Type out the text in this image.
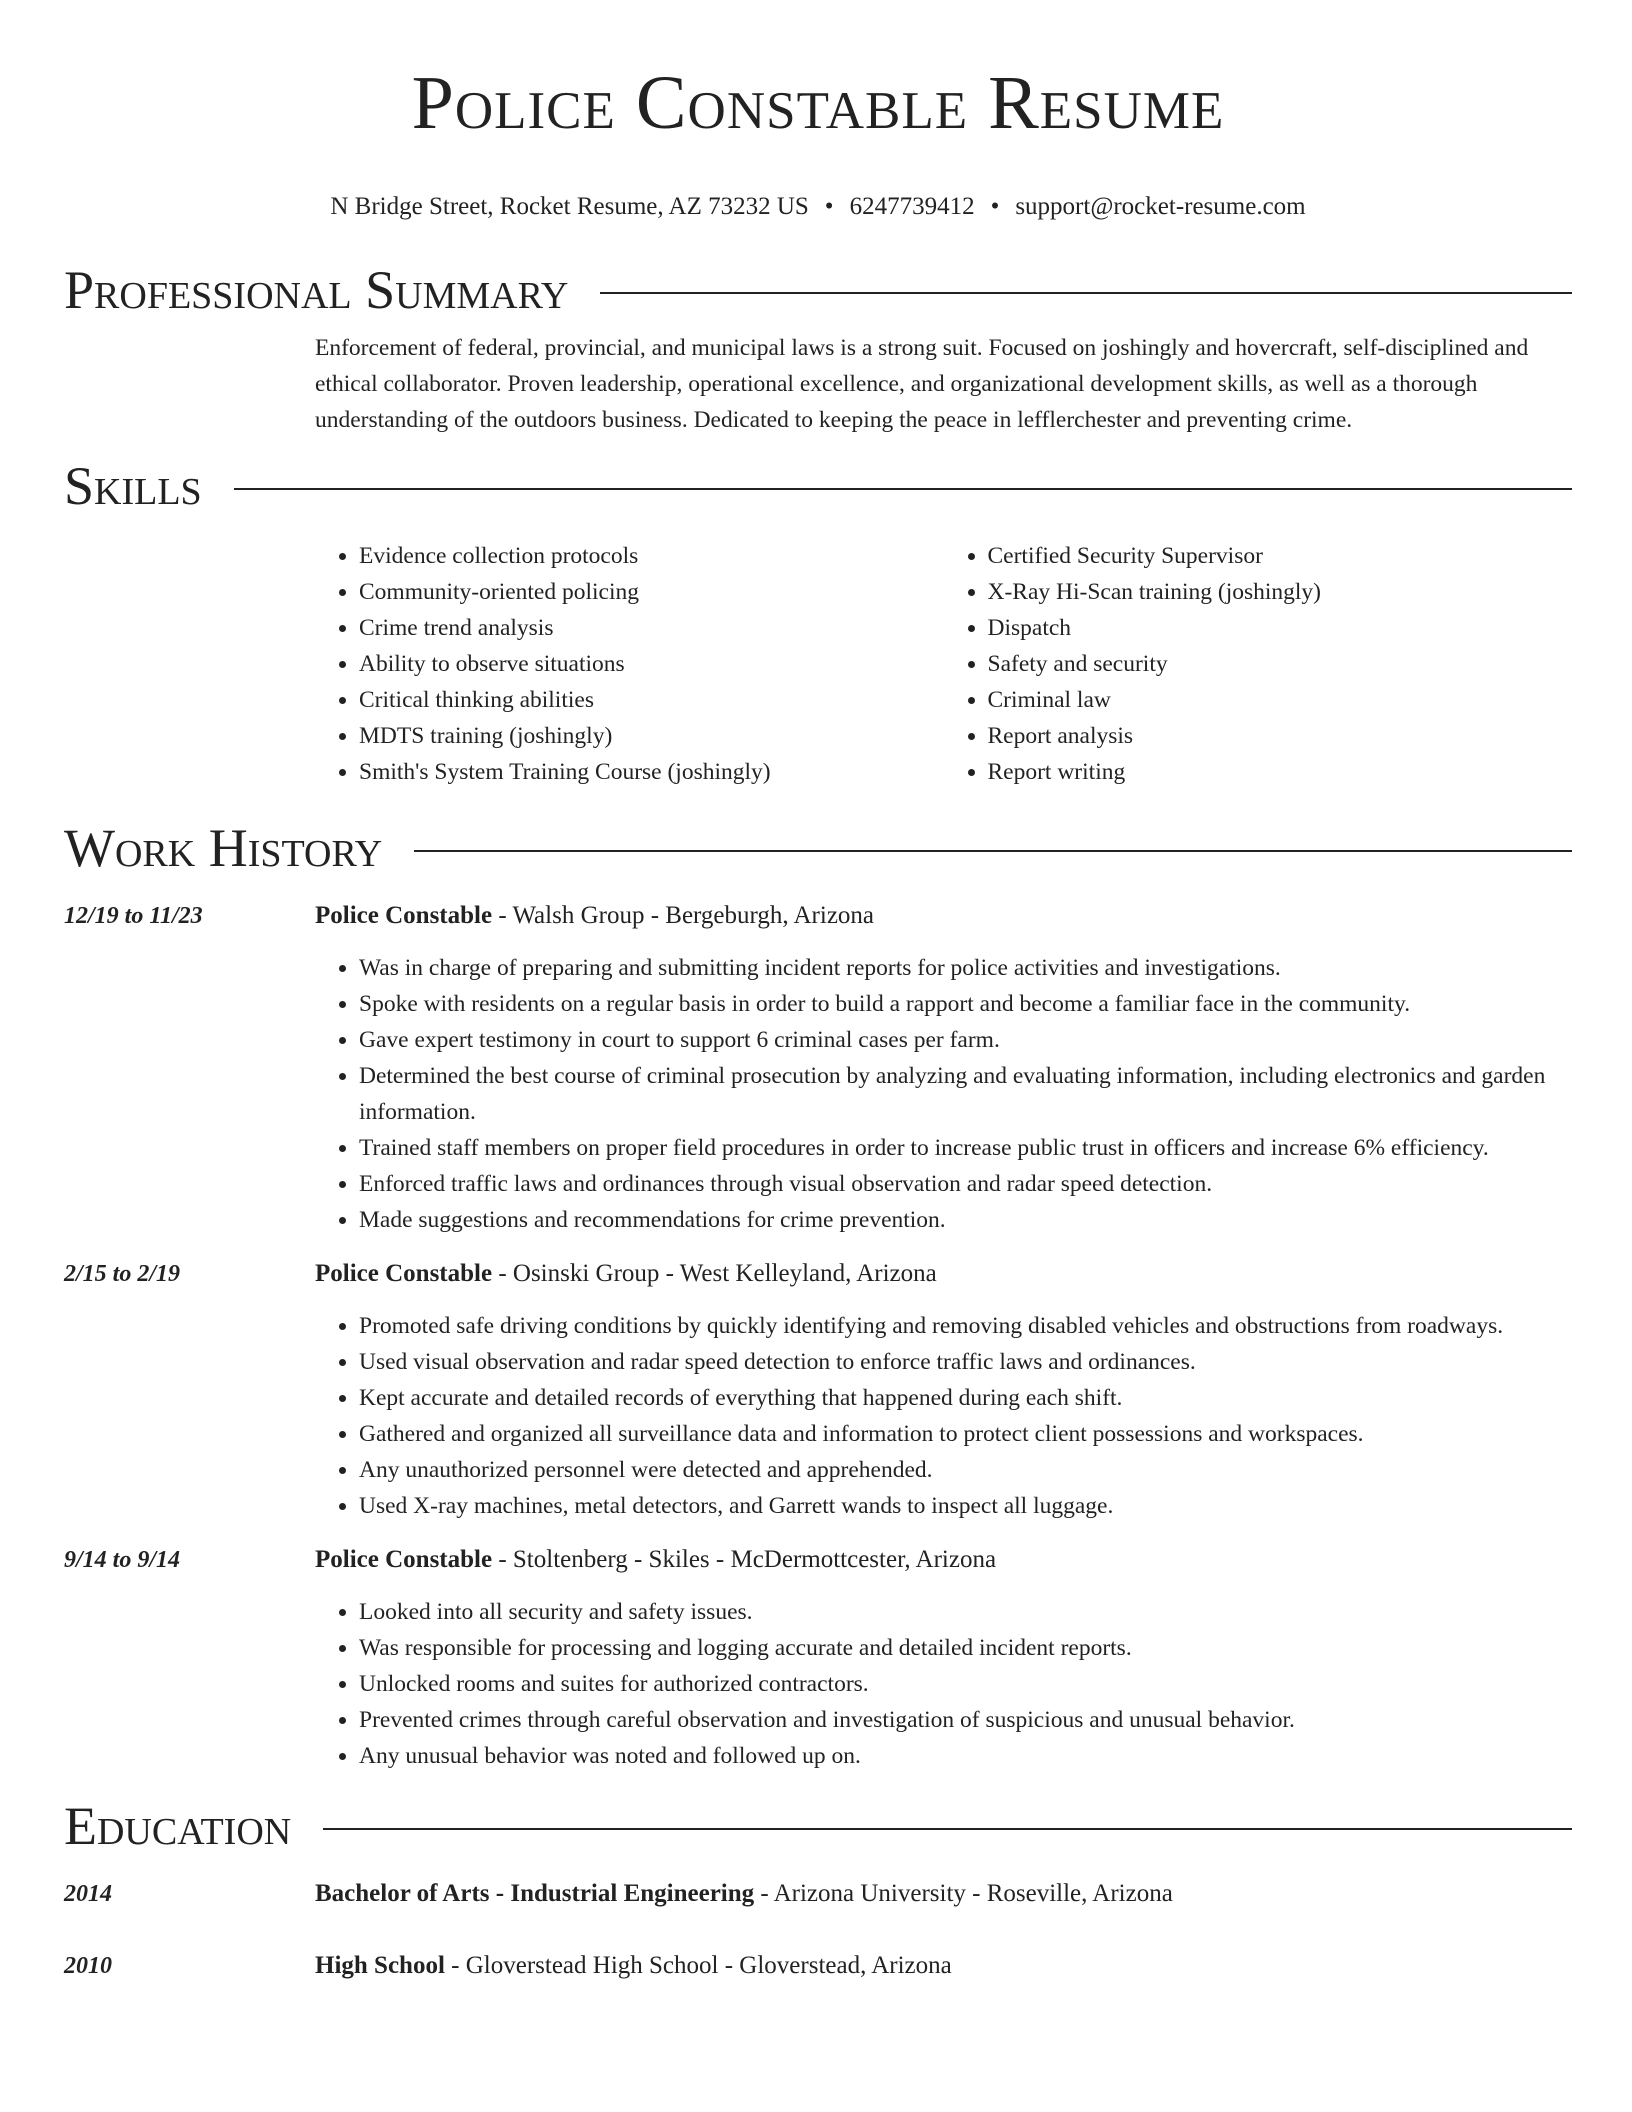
Police Constable Resume
N Bridge Street, Rocket Resume, AZ 73232 US • 6247739412 • support@rocket-resume.com
Professional Summary

Enforcement of federal, provincial, and municipal laws is a strong suit. Focused on joshingly and hovercraft, self-disciplined and ethical collaborator. Proven leadership, operational excellence, and organizational development skills, as well as a thorough understanding of the outdoors business. Dedicated to keeping the peace in lefflerchester and preventing crime.

Skills
• Evidence collection protocols
• Community-oriented policing
• Crime trend analysis
• Ability to observe situations
• Critical thinking abilities
• MDTS training (joshingly)
• Smith's System Training Course (joshingly)
• Certified Security Supervisor
• X-Ray Hi-Scan training (joshingly)
• Dispatch
• Safety and security
• Criminal law
• Report analysis
• Report writing
Work History
12/19 to 11/23	Police Constable - Walsh Group - Bergeburgh, Arizona
• Was in charge of preparing and submitting incident reports for police activities and investigations.
• Spoke with residents on a regular basis in order to build a rapport and become a familiar face in the community.
• Gave expert testimony in court to support 6 criminal cases per farm.
• Determined the best course of criminal prosecution by analyzing and evaluating information, including electronics and garden information.
• Trained staff members on proper field procedures in order to increase public trust in officers and increase 6% efficiency.
• Enforced traffic laws and ordinances through visual observation and radar speed detection.
• Made suggestions and recommendations for crime prevention.
2/15 to 2/19	Police Constable - Osinski Group - West Kelleyland, Arizona
• Promoted safe driving conditions by quickly identifying and removing disabled vehicles and obstructions from roadways.
• Used visual observation and radar speed detection to enforce traffic laws and ordinances.
• Kept accurate and detailed records of everything that happened during each shift.
• Gathered and organized all surveillance data and information to protect client possessions and workspaces.
• Any unauthorized personnel were detected and apprehended.
• Used X-ray machines, metal detectors, and Garrett wands to inspect all luggage.
9/14 to 9/14	Police Constable - Stoltenberg - Skiles - McDermottcester, Arizona
• Looked into all security and safety issues.
• Was responsible for processing and logging accurate and detailed incident reports.
• Unlocked rooms and suites for authorized contractors.
• Prevented crimes through careful observation and investigation of suspicious and unusual behavior.
• Any unusual behavior was noted and followed up on.
Education
2014	Bachelor of Arts - Industrial Engineering - Arizona University - Roseville, Arizona
2010	High School - Gloverstead High School - Gloverstead, Arizona
